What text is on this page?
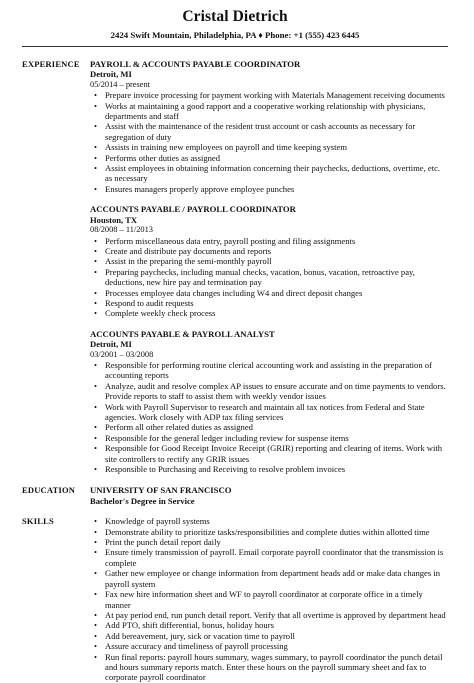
Cristal Dietrich
2424 Swift Mountain, Philadelphia, PA ♦ Phone: +1 (555) 423 6445
EXPERIENCE	PAYROLL & ACCOUNTS PAYABLE COORDINATOR
Detroit, MI
05/2014 – present
• Prepare invoice processing for payment working with Materials Management receiving documents
• Works at maintaining a good rapport and a cooperative working relationship with physicians, departments and staff
• Assist with the maintenance of the resident trust account or cash accounts as necessary for segregation of duty
• Assists in training new employees on payroll and time keeping system
• Performs other duties as assigned
• Assist employees in obtaining information concerning their paychecks, deductions, overtime, etc. as necessary
• Ensures managers properly approve employee punches
ACCOUNTS PAYABLE / PAYROLL COORDINATOR
Houston, TX
08/2008 – 11/2013
• Perform miscellaneous data entry, payroll posting and filing assignments
• Create and distribute pay documents and reports
• Assist in the preparing the semi-monthly payroll
• Preparing paychecks, including manual checks, vacation, bonus, vacation, retroactive pay, deductions, new hire pay and termination pay
• Processes employee data changes including W4 and direct deposit changes
• Respond to audit requests
• Complete weekly check process
ACCOUNTS PAYABLE & PAYROLL ANALYST
Detroit, MI
03/2001 – 03/2008
• Responsible for performing routine clerical accounting work and assisting in the preparation of accounting reports
• Analyze, audit and resolve complex AP issues to ensure accurate and on time payments to vendors. Provide reports to staff to assist them with weekly vendor issues
• Work with Payroll Supervisor to research and maintain all tax notices from Federal and State agencies. Work closely with ADP tax filing services
• Perform all other related duties as assigned
• Responsible for the general ledger including review for suspense items
• Responsible for Good Receipt Invoice Receipt (GRIR) reporting and clearing of items. Work with site controllers to rectify any GRIR issues
• Responsible to Purchasing and Receiving to resolve problem invoices
EDUCATION	UNIVERSITY OF SAN FRANCISCO
Bachelor's Degree in Service
SKILLS
•	Knowledge of payroll systems
• Demonstrate ability to prioritize tasks/responsibilities and complete duties within allotted time
• Print the punch detail report daily
• Ensure timely transmission of payroll. Email corporate payroll coordinator that the transmission is complete
• Gather new employee or change information from department heads add or make data changes in payroll system
• Fax new hire information sheet and WF to payroll coordinator at corporate office in a timely manner
• At pay period end, run punch detail report. Verify that all overtime is approved by department head
• Add PTO, shift differential, bonus, holiday hours
• Add bereavement, jury, sick or vacation time to payroll
• Assure accuracy and timeliness of payroll processing
• Run final reports: payroll hours summary, wages summary, to payroll coordinator the punch detail and hours summary reports match. Enter these hours on the payroll summary sheet and fax to corporate payroll coordinator
